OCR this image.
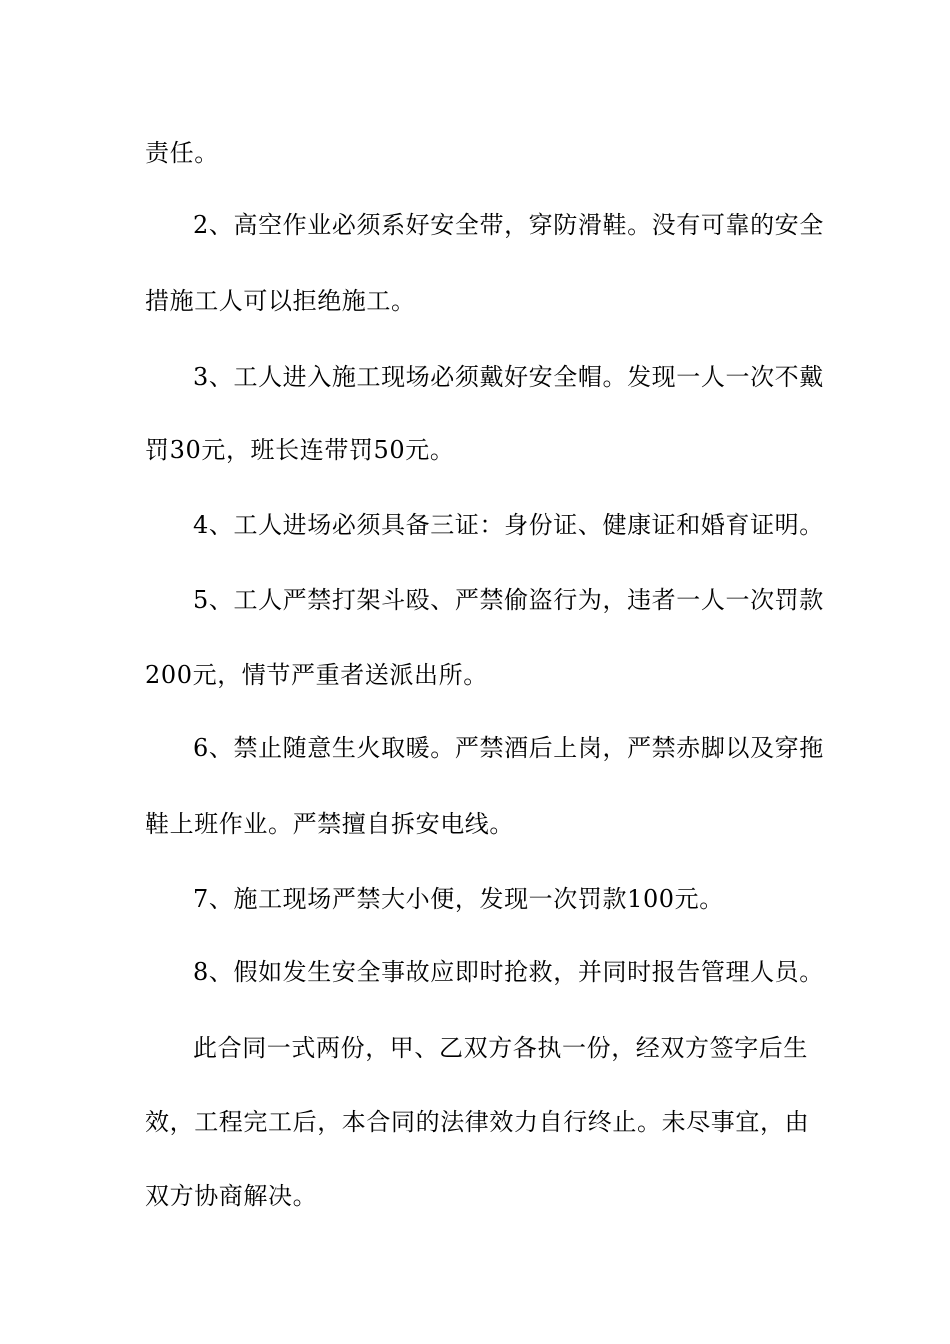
责任。
2、高空作业必须系好安全带，穿防滑鞋。没有可靠的安全
措施工人可以拒绝施工。
3、工人进入施工现场必须戴好安全帽。发现一人一次不戴
罚30元，班长连带罚50元。
4、工人进场必须具备三证：身份证、健康证和婚育证明。
5、工人严禁打架斗殴、严禁偷盗行为，违者一人一次罚款
200元，情节严重者送派出所。
6、禁止随意生火取暖。严禁酒后上岗，严禁赤脚以及穿拖
鞋上班作业。严禁擅自拆安电线。
7、施工现场严禁大小便，发现一次罚款100元。
8、假如发生安全事故应即时抢救，并同时报告管理人员。
此合同一式两份，甲、乙双方各执一份，经双方签字后生
效，工程完工后，本合同的法律效力自行终止。未尽事宜，由
双方协商解决。
